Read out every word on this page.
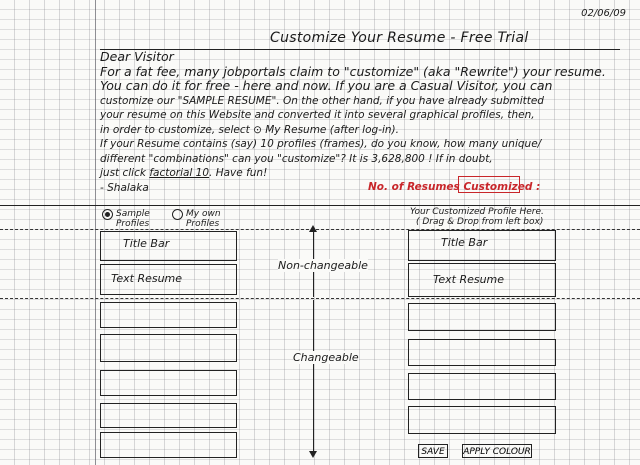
02/06/09
Customize Your Resume - Free Trial

Dear Visitor

For a fat fee, many jobportals claim to "customize" (aka "Rewrite") your resume.

You can do it for free - here and now. If you are a Casual Visitor, you can

customize our "SAMPLE RESUME". On the other hand, if you have already submitted

your resume on this Website and converted it into several graphical profiles, then,

in order to customize, select ⊙ My Resume (after log-in).

If your Resume contains (say) 10 profiles (frames), do you know, how many unique/

different "combinations" can you "customize"? It is 3,628,800 ! If in doubt,

just click factorial 10. Have fun!

- Shalaka	No. of Resumes Customized :
Sample Profiles
My own Profiles
Your Customized Profile Here.
( Drag & Drop from left box)
Title Bar
Text Resume
Non-changeable
Changeable
Title Bar
Text Resume
SAVE	APPLY COLOUR
